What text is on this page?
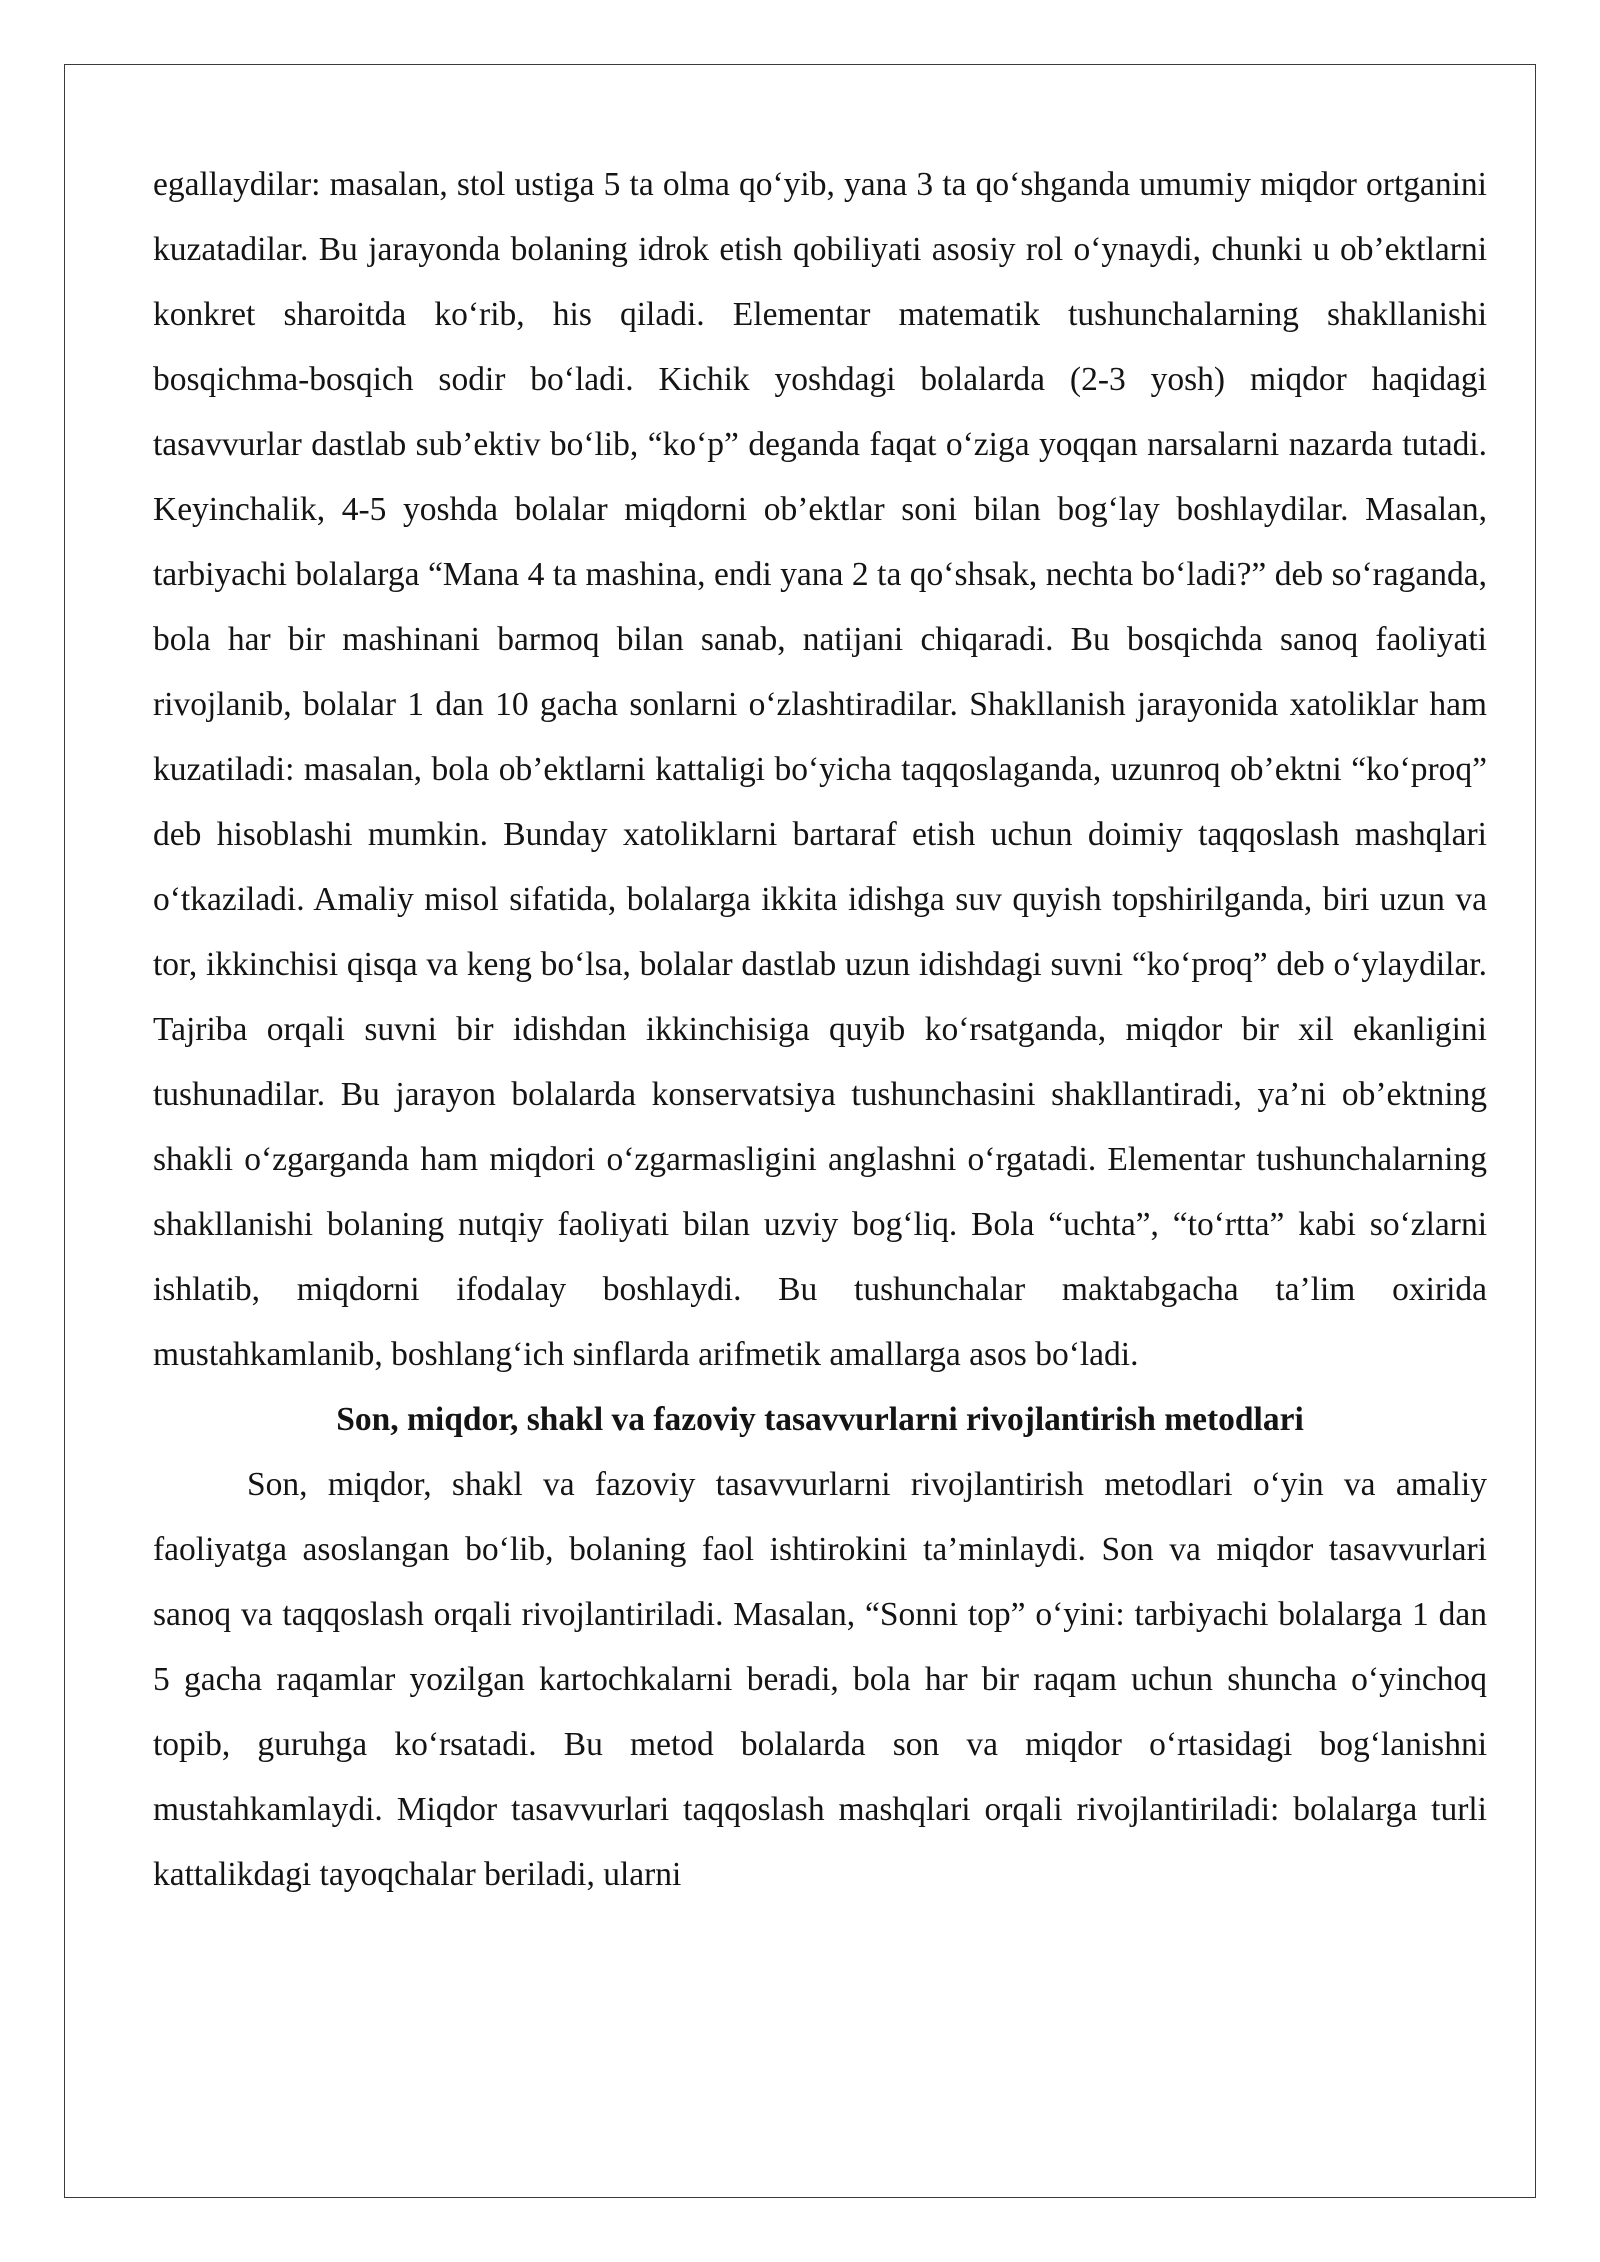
egallaydilar: masalan, stol ustiga 5 ta olma qo‘yib, yana 3 ta qo‘shganda umumiy miqdor ortganini kuzatadilar. Bu jarayonda bolaning idrok etish qobiliyati asosiy rol o‘ynaydi, chunki u ob’ektlarni konkret sharoitda ko‘rib, his qiladi. Elementar matematik tushunchalarning shakllanishi bosqichma-bosqich sodir bo‘ladi. Kichik yoshdagi bolalarda (2-3 yosh) miqdor haqidagi tasavvurlar dastlab sub’ektiv bo‘lib, “ko‘p” deganda faqat o‘ziga yoqqan narsalarni nazarda tutadi. Keyinchalik, 4-5 yoshda bolalar miqdorni ob’ektlar soni bilan bog‘lay boshlaydilar. Masalan, tarbiyachi bolalarga “Mana 4 ta mashina, endi yana 2 ta qo‘shsak, nechta bo‘ladi?” deb so‘raganda, bola har bir mashinani barmoq bilan sanab, natijani chiqaradi. Bu bosqichda sanoq faoliyati rivojlanib, bolalar 1 dan 10 gacha sonlarni o‘zlashtiradilar. Shakllanish jarayonida xatoliklar ham kuzatiladi: masalan, bola ob’ektlarni kattaligi bo‘yicha taqqoslaganda, uzunroq ob’ektni “ko‘proq” deb hisoblashi mumkin. Bunday xatoliklarni bartaraf etish uchun doimiy taqqoslash mashqlari o‘tkaziladi. Amaliy misol sifatida, bolalarga ikkita idishga suv quyish topshirilganda, biri uzun va tor, ikkinchisi qisqa va keng bo‘lsa, bolalar dastlab uzun idishdagi suvni “ko‘proq” deb o‘ylaydilar. Tajriba orqali suvni bir idishdan ikkinchisiga quyib ko‘rsatganda, miqdor bir xil ekanligini tushunadilar. Bu jarayon bolalarda konservatsiya tushunchasini shakllantiradi, ya’ni ob’ektning shakli o‘zgarganda ham miqdori o‘zgarmasligini anglashni o‘rgatadi. Elementar tushunchalarning shakllanishi bolaning nutqiy faoliyati bilan uzviy bog‘liq. Bola “uchta”, “to‘rtta” kabi so‘zlarni ishlatib, miqdorni ifodalay boshlaydi. Bu tushunchalar maktabgacha ta’lim oxirida mustahkamlanib, boshlang‘ich sinflarda arifmetik amallarga asos bo‘ladi.

Son, miqdor, shakl va fazoviy tasavvurlarni rivojlantirish metodlari

Son, miqdor, shakl va fazoviy tasavvurlarni rivojlantirish metodlari o‘yin va amaliy faoliyatga asoslangan bo‘lib, bolaning faol ishtirokini ta’minlaydi. Son va miqdor tasavvurlari sanoq va taqqoslash orqali rivojlantiriladi. Masalan, “Sonni top” o‘yini: tarbiyachi bolalarga 1 dan 5 gacha raqamlar yozilgan kartochkalarni beradi, bola har bir raqam uchun shuncha o‘yinchoq topib, guruhga ko‘rsatadi. Bu metod bolalarda son va miqdor o‘rtasidagi bog‘lanishni mustahkamlaydi. Miqdor tasavvurlari taqqoslash mashqlari orqali rivojlantiriladi: bolalarga turli kattalikdagi tayoqchalar beriladi, ularni
